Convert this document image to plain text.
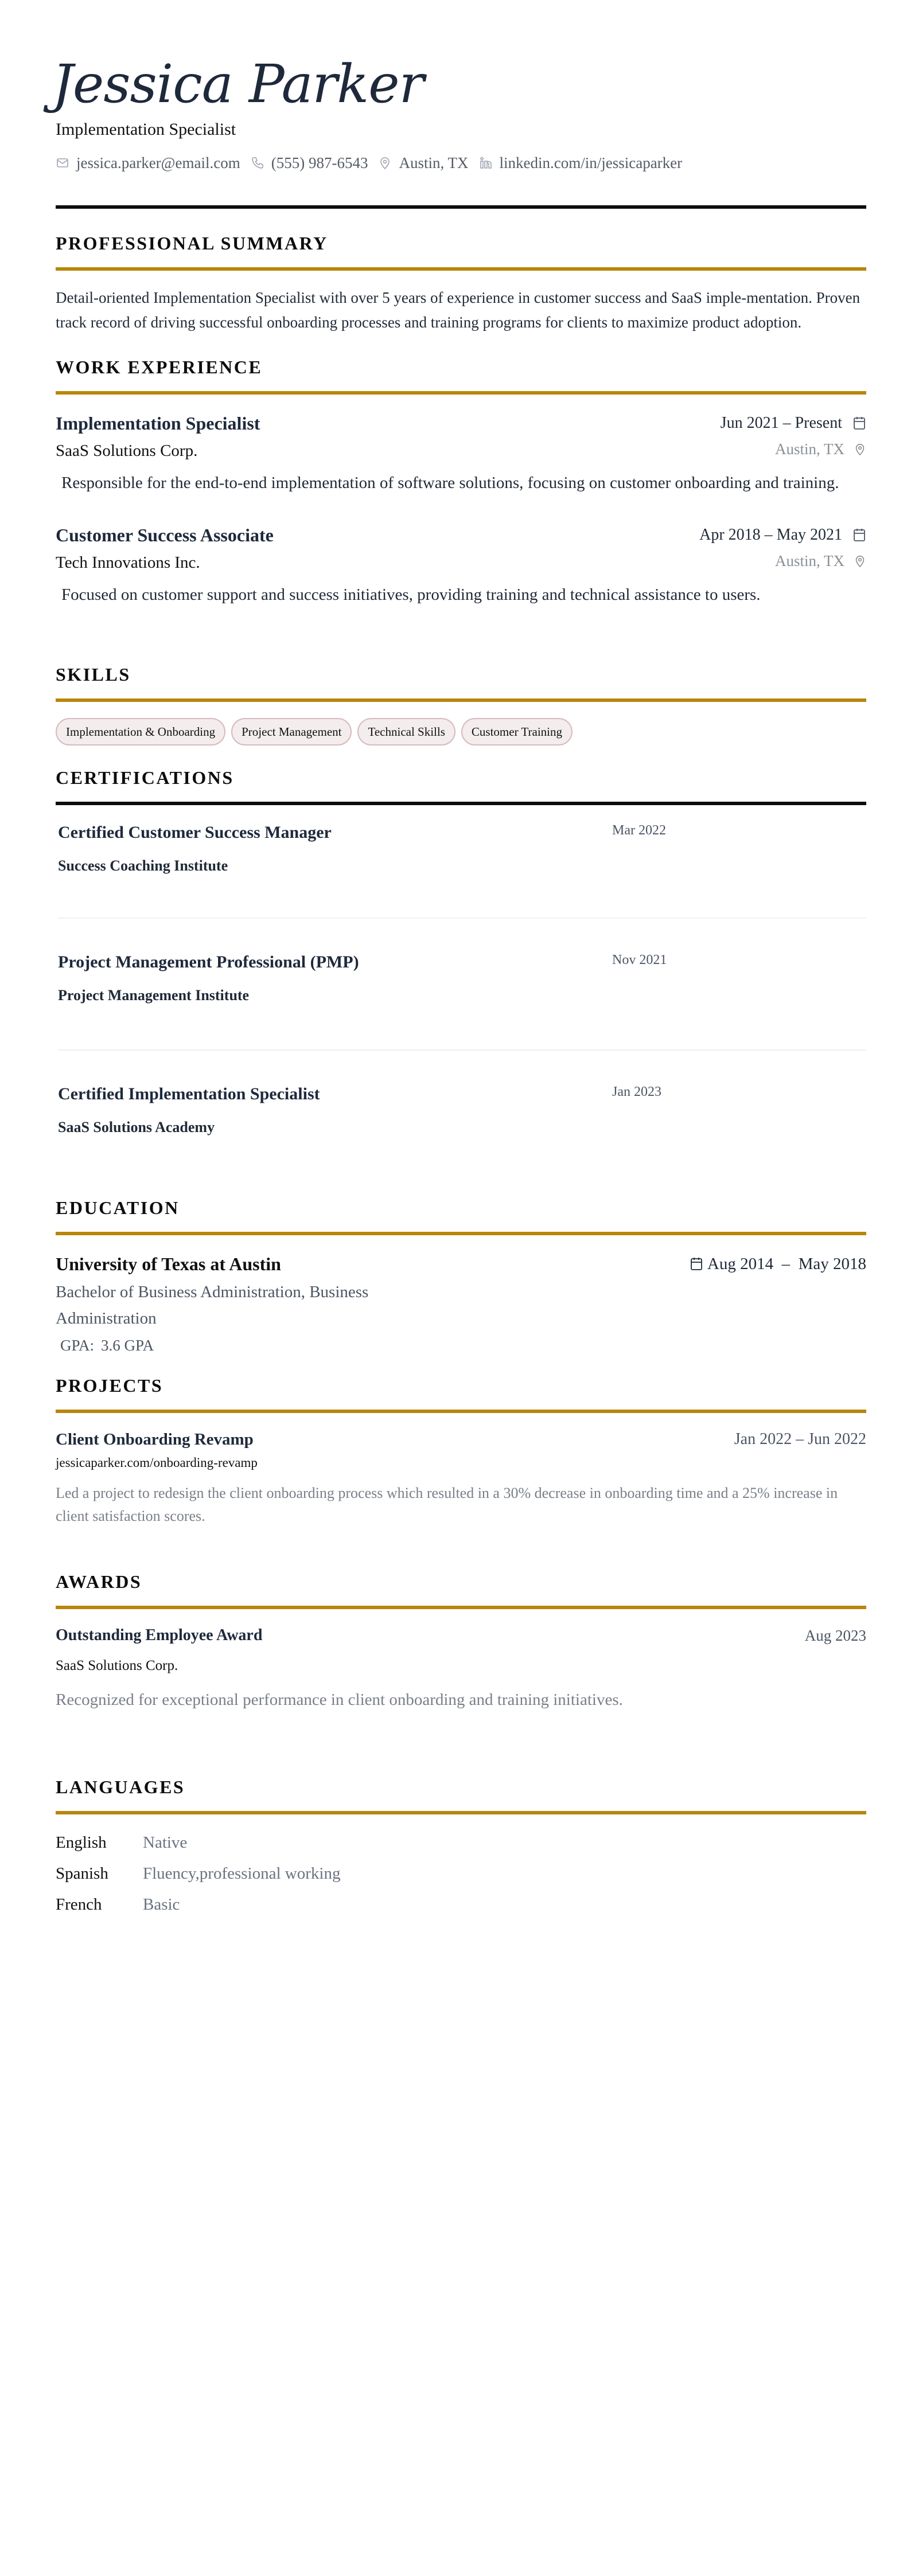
Jessica Parker
Implementation Specialist
jessica.parker@email.com (555) 987-6543 Austin, TX linkedin.com/in/jessicaparker
PROFESSIONAL SUMMARY

Detail-oriented Implementation Specialist with over 5 years of experience in customer success and SaaS imple-mentation. Proven track record of driving successful onboarding processes and training programs for clients to maximize product adoption.

WORK EXPERIENCE
Implementation Specialist	Jun 2021 – Present
SaaS Solutions Corp.	Austin, TX

Responsible for the end-to-end implementation of software solutions, focusing on customer onboarding and training.

Customer Success Associate	Apr 2018 – May 2021
Tech Innovations Inc.	Austin, TX

Focused on customer support and success initiatives, providing training and technical assistance to users.

SKILLS
Implementation & Onboarding	Project Management	Technical Skills	Customer Training
CERTIFICATIONS
Certified Customer Success Manager
Success Coaching Institute
Mar 2022
Project Management Professional (PMP)
Project Management Institute
Nov 2021
Certified Implementation Specialist
SaaS Solutions Academy
Jan 2023
EDUCATION
University of Texas at Austin	Aug 2014  –  May 2018
Bachelor of Business Administration, Business Administration
GPA: 3.6 GPA
PROJECTS
Client Onboarding Revamp	Jan 2022 – Jun 2022
jessicaparker.com/onboarding-revamp

Led a project to redesign the client onboarding process which resulted in a 30% decrease in onboarding time and a 25% increase in client satisfaction scores.

AWARDS
Outstanding Employee Award	Aug 2023
SaaS Solutions Corp.

Recognized for exceptional performance in client onboarding and training initiatives.

LANGUAGES
English	Native
Spanish	Fluency,professional working
French	Basic
